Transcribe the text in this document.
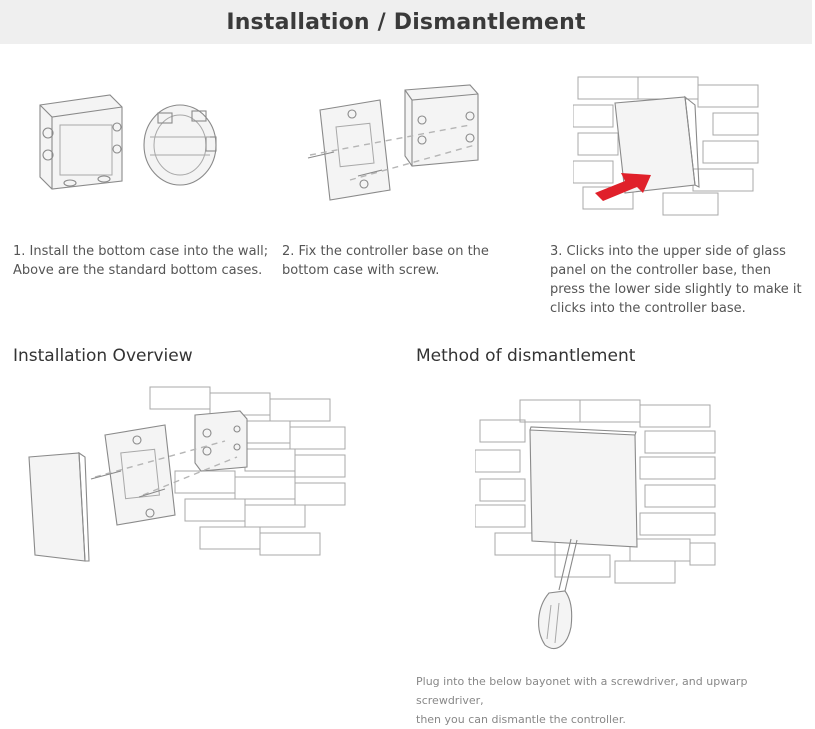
Installation / Dismantlement
1. Install the bottom case into the wall;
Above are the standard bottom cases.
2. Fix the controller base on the
bottom case with screw.
3. Clicks into the upper side of glass
panel on the controller base, then
press the lower side slightly to make it
clicks into the controller base.
Installation Overview	Method of dismantlement
Plug into the below bayonet with a screwdriver, and upwarp screwdriver,
then you can dismantle the controller.
